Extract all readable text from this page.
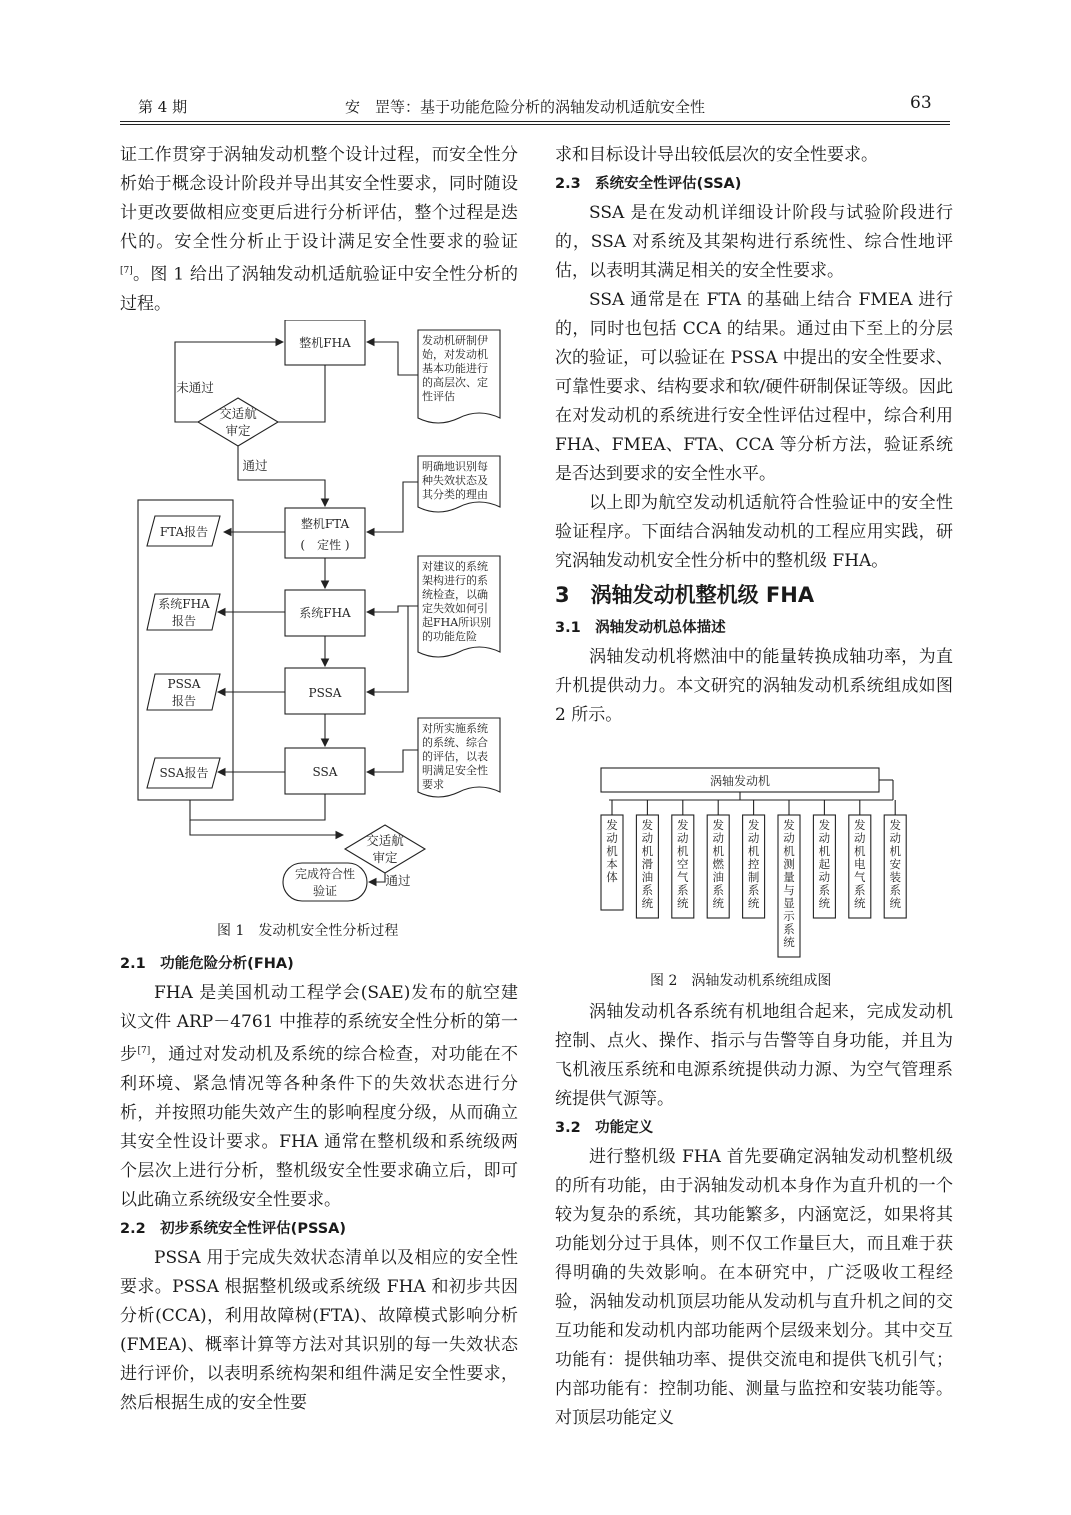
第 4 期	安　罡等：基于功能危险分析的涡轴发动机适航安全性	63

证工作贯穿于涡轴发动机整个设计过程，而安全性分析始于概念设计阶段并导出其安全性要求，同时随设计更改要做相应变更后进行分析评估，整个过程是迭代的。安全性分析止于设计满足安全性要求的验证[7]。图 1 给出了涡轴发动机适航验证中安全性分析的过程。

整机FHA
交适航
审定
未通过
通过
整机FTA
(　定性 )
系统FHA
PSSA
SSA
FTA报告
系统FHA
报告
PSSA
报告
SSA报告
交适航
审定
完成符合性
验证
通过
发动机研制伊
始，对发动机
基本功能进行
的高层次、定
性评估
明确地识别每
种失效状态及
其分类的理由
对建议的系统
架构进行的系
统检查，以确
定失效如何引
起FHA所识别
的功能危险
对所实施系统
的系统、综合
的评估，以表
明满足安全性
要求
图 1　发动机安全性分析过程

2.1　功能危险分析(FHA)

FHA 是美国机动工程学会(SAE)发布的航空建议文件 ARP－4761 中推荐的系统安全性分析的第一步[7]，通过对发动机及系统的综合检查，对功能在不利环境、紧急情况等各种条件下的失效状态进行分析，并按照功能失效产生的影响程度分级，从而确立其安全性设计要求。FHA 通常在整机级和系统级两个层次上进行分析，整机级安全性要求确立后，即可以此确立系统级安全性要求。

2.2　初步系统安全性评估(PSSA)

PSSA 用于完成失效状态清单以及相应的安全性要求。PSSA 根据整机级或系统级 FHA 和初步共因分析(CCA)，利用故障树(FTA)、故障模式影响分析(FMEA)、概率计算等方法对其识别的每一失效状态进行评价，以表明系统构架和组件满足安全性要求，然后根据生成的安全性要

求和目标设计导出较低层次的安全性要求。

2.3　系统安全性评估(SSA)

SSA 是在发动机详细设计阶段与试验阶段进行的，SSA 对系统及其架构进行系统性、综合性地评估，以表明其满足相关的安全性要求。

SSA 通常是在 FTA 的基础上结合 FMEA 进行的，同时也包括 CCA 的结果。通过由下至上的分层次的验证，可以验证在 PSSA 中提出的安全性要求、可靠性要求、结构要求和软/硬件研制保证等级。因此在对发动机的系统进行安全性评估过程中，综合利用 FHA、FMEA、FTA、CCA 等分析方法，验证系统是否达到要求的安全性水平。

以上即为航空发动机适航符合性验证中的安全性验证程序。下面结合涡轴发动机的工程应用实践，研究涡轴发动机安全性分析中的整机级 FHA。

3　涡轴发动机整机级 FHA

3.1　涡轴发动机总体描述

涡轴发动机将燃油中的能量转换成轴功率，为直升机提供动力。本文研究的涡轴发动机系统组成如图 2 所示。

涡轴发动机
发动机本体
发动机滑油系统
发动机空气系统
发动机燃油系统
发动机控制系统
发动机测量与显示系统
发动机起动系统
发动机电气系统
发动机安装系统
图 2　涡轴发动机系统组成图

涡轴发动机各系统有机地组合起来，完成发动机控制、点火、操作、指示与告警等自身功能，并且为飞机液压系统和电源系统提供动力源、为空气管理系统提供气源等。

3.2　功能定义

进行整机级 FHA 首先要确定涡轴发动机整机级的所有功能，由于涡轴发动机本身作为直升机的一个较为复杂的系统，其功能繁多，内涵宽泛，如果将其功能划分过于具体，则不仅工作量巨大，而且难于获得明确的失效影响。在本研究中，广泛吸收工程经验，涡轴发动机顶层功能从发动机与直升机之间的交互功能和发动机内部功能两个层级来划分。其中交互功能有：提供轴功率、提供交流电和提供飞机引气；内部功能有：控制功能、测量与监控和安装功能等。对顶层功能定义
